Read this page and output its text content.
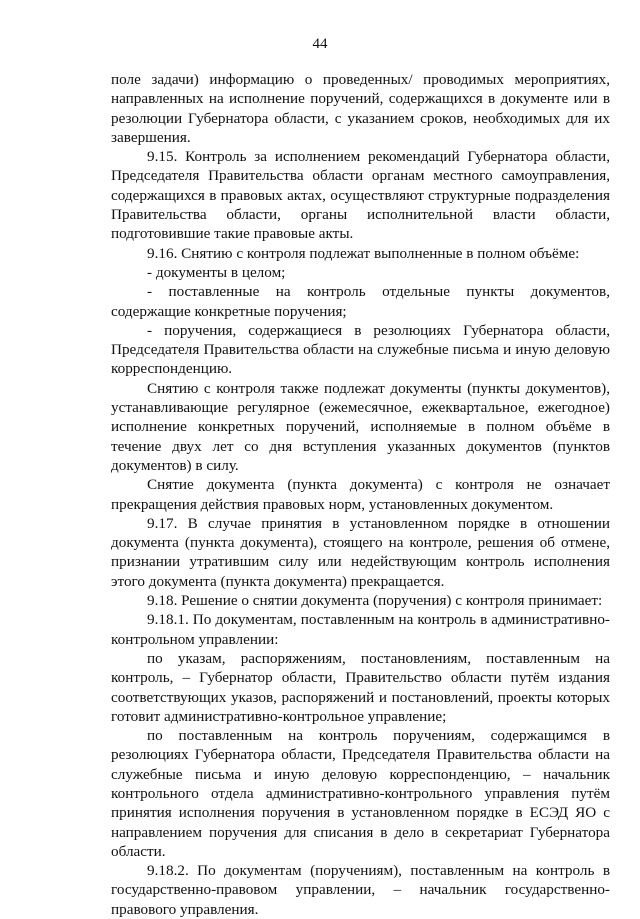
44

поле задачи) информацию о проведенных/ проводимых мероприятиях, направленных на исполнение поручений, содержащихся в документе или в резолюции Губернатора области, с указанием сроков, необходимых для их завершения.

9.15. Контроль за исполнением рекомендаций Губернатора области, Председателя Правительства области органам местного самоуправления, содержащихся в правовых актах, осуществляют структурные подразделения Правительства области, органы исполнительной власти области, подготовившие такие правовые акты.

9.16. Снятию с контроля подлежат выполненные в полном объёме:

- документы в целом;

- поставленные на контроль отдельные пункты документов, содержащие конкретные поручения;

- поручения, содержащиеся в резолюциях Губернатора области, Председателя Правительства области на служебные письма и иную деловую корреспонденцию.

Снятию с контроля также подлежат документы (пункты документов), устанавливающие регулярное (ежемесячное, ежеквартальное, ежегодное) исполнение конкретных поручений, исполняемые в полном объёме в течение двух лет со дня вступления указанных документов (пунктов документов) в силу.

Снятие документа (пункта документа) с контроля не означает прекращения действия правовых норм, установленных документом.

9.17. В случае принятия в установленном порядке в отношении документа (пункта документа), стоящего на контроле, решения об отмене, признании утратившим силу или недействующим контроль исполнения этого документа (пункта документа) прекращается.

9.18. Решение о снятии документа (поручения) с контроля принимает:

9.18.1. По документам, поставленным на контроль в административно-контрольном управлении:

по указам, распоряжениям, постановлениям, поставленным на контроль, – Губернатор области, Правительство области путём издания соответствующих указов, распоряжений и постановлений, проекты которых готовит административно-контрольное управление;

по поставленным на контроль поручениям, содержащимся в резолюциях Губернатора области, Председателя Правительства области на служебные письма и иную деловую корреспонденцию, – начальник контрольного отдела административно-контрольного управления путём принятия исполнения поручения в установленном порядке в ЕСЭД ЯО с направлением поручения для списания в дело в секретариат Губернатора области.

9.18.2. По документам (поручениям), поставленным на контроль в государственно-правовом управлении, – начальник государственно-правового управления.
